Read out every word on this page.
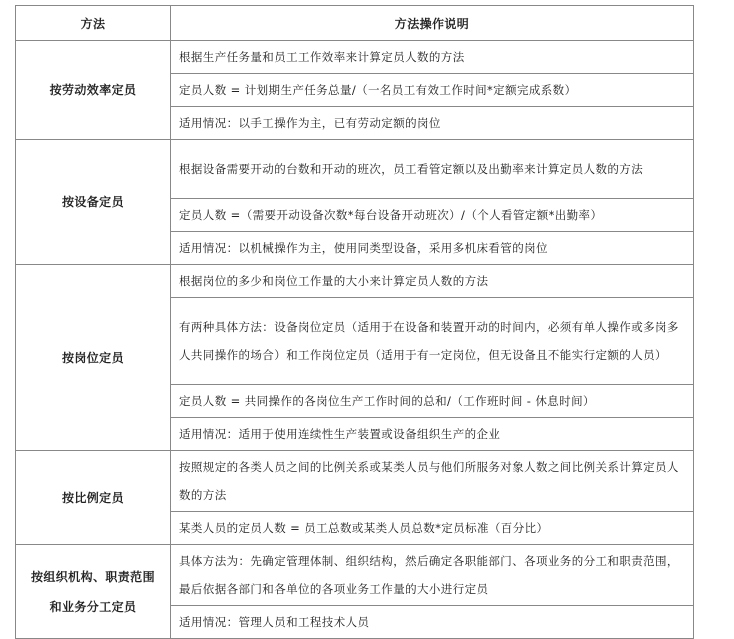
方法	方法操作说明
按劳动效率定员	根据生产任务量和员工工作效率来计算定员人数的方法
	定员人数 = 计划期生产任务总量/（一名员工有效工作时间*定额完成系数）
	适用情况：以手工操作为主，已有劳动定额的岗位
按设备定员	根据设备需要开动的台数和开动的班次，员工看管定额以及出勤率来计算定员人数的方法
	定员人数 =（需要开动设备次数*每台设备开动班次）/（个人看管定额*出勤率）
	适用情况：以机械操作为主，使用同类型设备，采用多机床看管的岗位
按岗位定员	根据岗位的多少和岗位工作量的大小来计算定员人数的方法
	有两种具体方法：设备岗位定员（适用于在设备和装置开动的时间内，必须有单人操作或多岗多人共同操作的场合）和工作岗位定员（适用于有一定岗位，但无设备且不能实行定额的人员）
	定员人数 = 共同操作的各岗位生产工作时间的总和/（工作班时间 - 休息时间）
	适用情况：适用于使用连续性生产装置或设备组织生产的企业
按比例定员	按照规定的各类人员之间的比例关系或某类人员与他们所服务对象人数之间比例关系计算定员人数的方法
	某类人员的定员人数 = 员工总数或某类人员总数*定员标准（百分比）
按组织机构、职责范围和业务分工定员	具体方法为：先确定管理体制、组织结构，然后确定各职能部门、各项业务的分工和职责范围，最后依据各部门和各单位的各项业务工作量的大小进行定员
	适用情况：管理人员和工程技术人员
